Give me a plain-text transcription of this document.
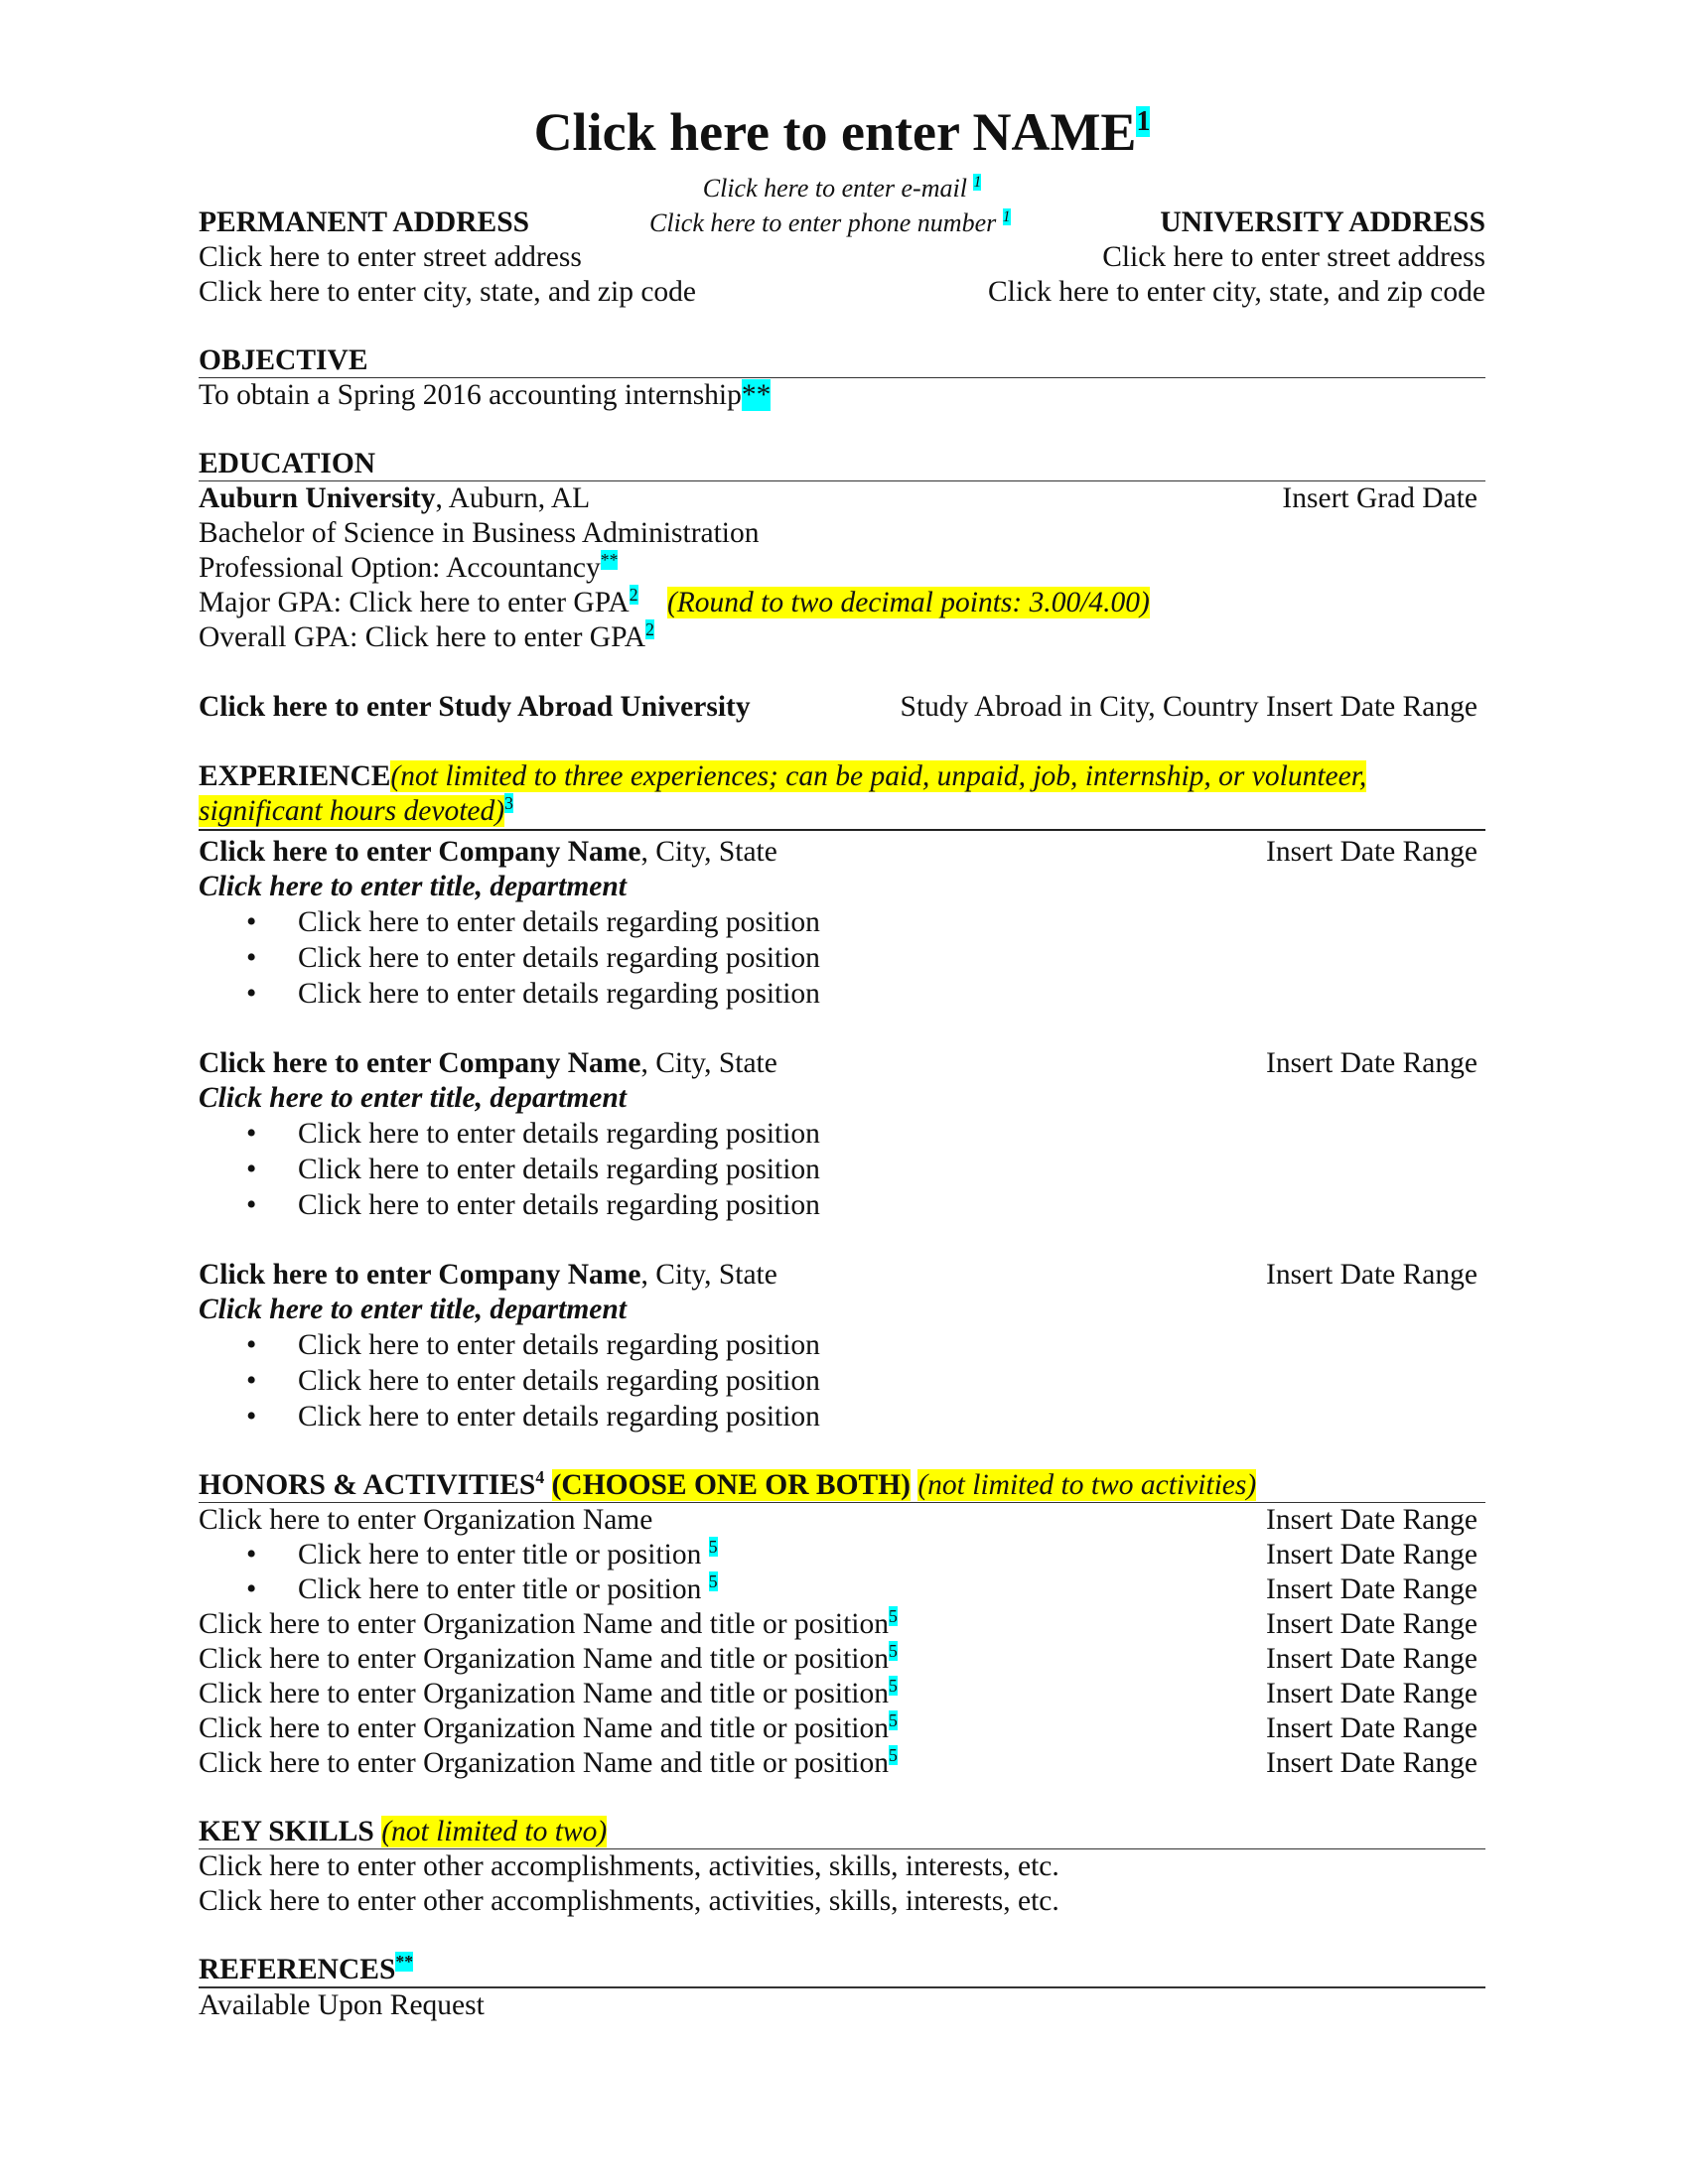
Click here to enter NAME1
Click here to enter e-mail $^1$
PERMANENT ADDRESS	Click here to enter phone number $^1$	UNIVERSITY ADDRESS
Click here to enter street address	Click here to enter street address
Click here to enter city, state, and zip code	Click here to enter city, state, and zip code
OBJECTIVE
To obtain a Spring 2016 accounting internship**
EDUCATION
Auburn University, Auburn, AL	Insert Grad Date
Bachelor of Science in Business Administration
Professional Option: Accountancy**
Major GPA: Click here to enter GPA$^2$ (Round to two decimal points: 3.00/4.00)
Overall GPA: Click here to enter GPA$^2$
Click here to enter Study Abroad University	Study Abroad in City, Country Insert Date Range
EXPERIENCE(not limited to three experiences; can be paid, unpaid, job, internship, or volunteer,
significant hours devoted)$^3$
Click here to enter Company Name, City, State	Insert Date Range
Click here to enter title, department
• Click here to enter details regarding position
• Click here to enter details regarding position
• Click here to enter details regarding position
Click here to enter Company Name, City, State	Insert Date Range
Click here to enter title, department
• Click here to enter details regarding position
• Click here to enter details regarding position
• Click here to enter details regarding position
Click here to enter Company Name, City, State	Insert Date Range
Click here to enter title, department
• Click here to enter details regarding position
• Click here to enter details regarding position
• Click here to enter details regarding position
HONORS & ACTIVITIES$^4$ (CHOOSE ONE OR BOTH) (not limited to two activities)
Click here to enter Organization Name	Insert Date Range
• Click here to enter title or position $^5$	Insert Date Range
• Click here to enter title or position $^5$	Insert Date Range
Click here to enter Organization Name and title or position$^5$	Insert Date Range
Click here to enter Organization Name and title or position$^5$	Insert Date Range
Click here to enter Organization Name and title or position$^5$	Insert Date Range
Click here to enter Organization Name and title or position$^5$	Insert Date Range
Click here to enter Organization Name and title or position$^5$	Insert Date Range
KEY SKILLS (not limited to two)
Click here to enter other accomplishments, activities, skills, interests, etc.
Click here to enter other accomplishments, activities, skills, interests, etc.
REFERENCES**
Available Upon Request
